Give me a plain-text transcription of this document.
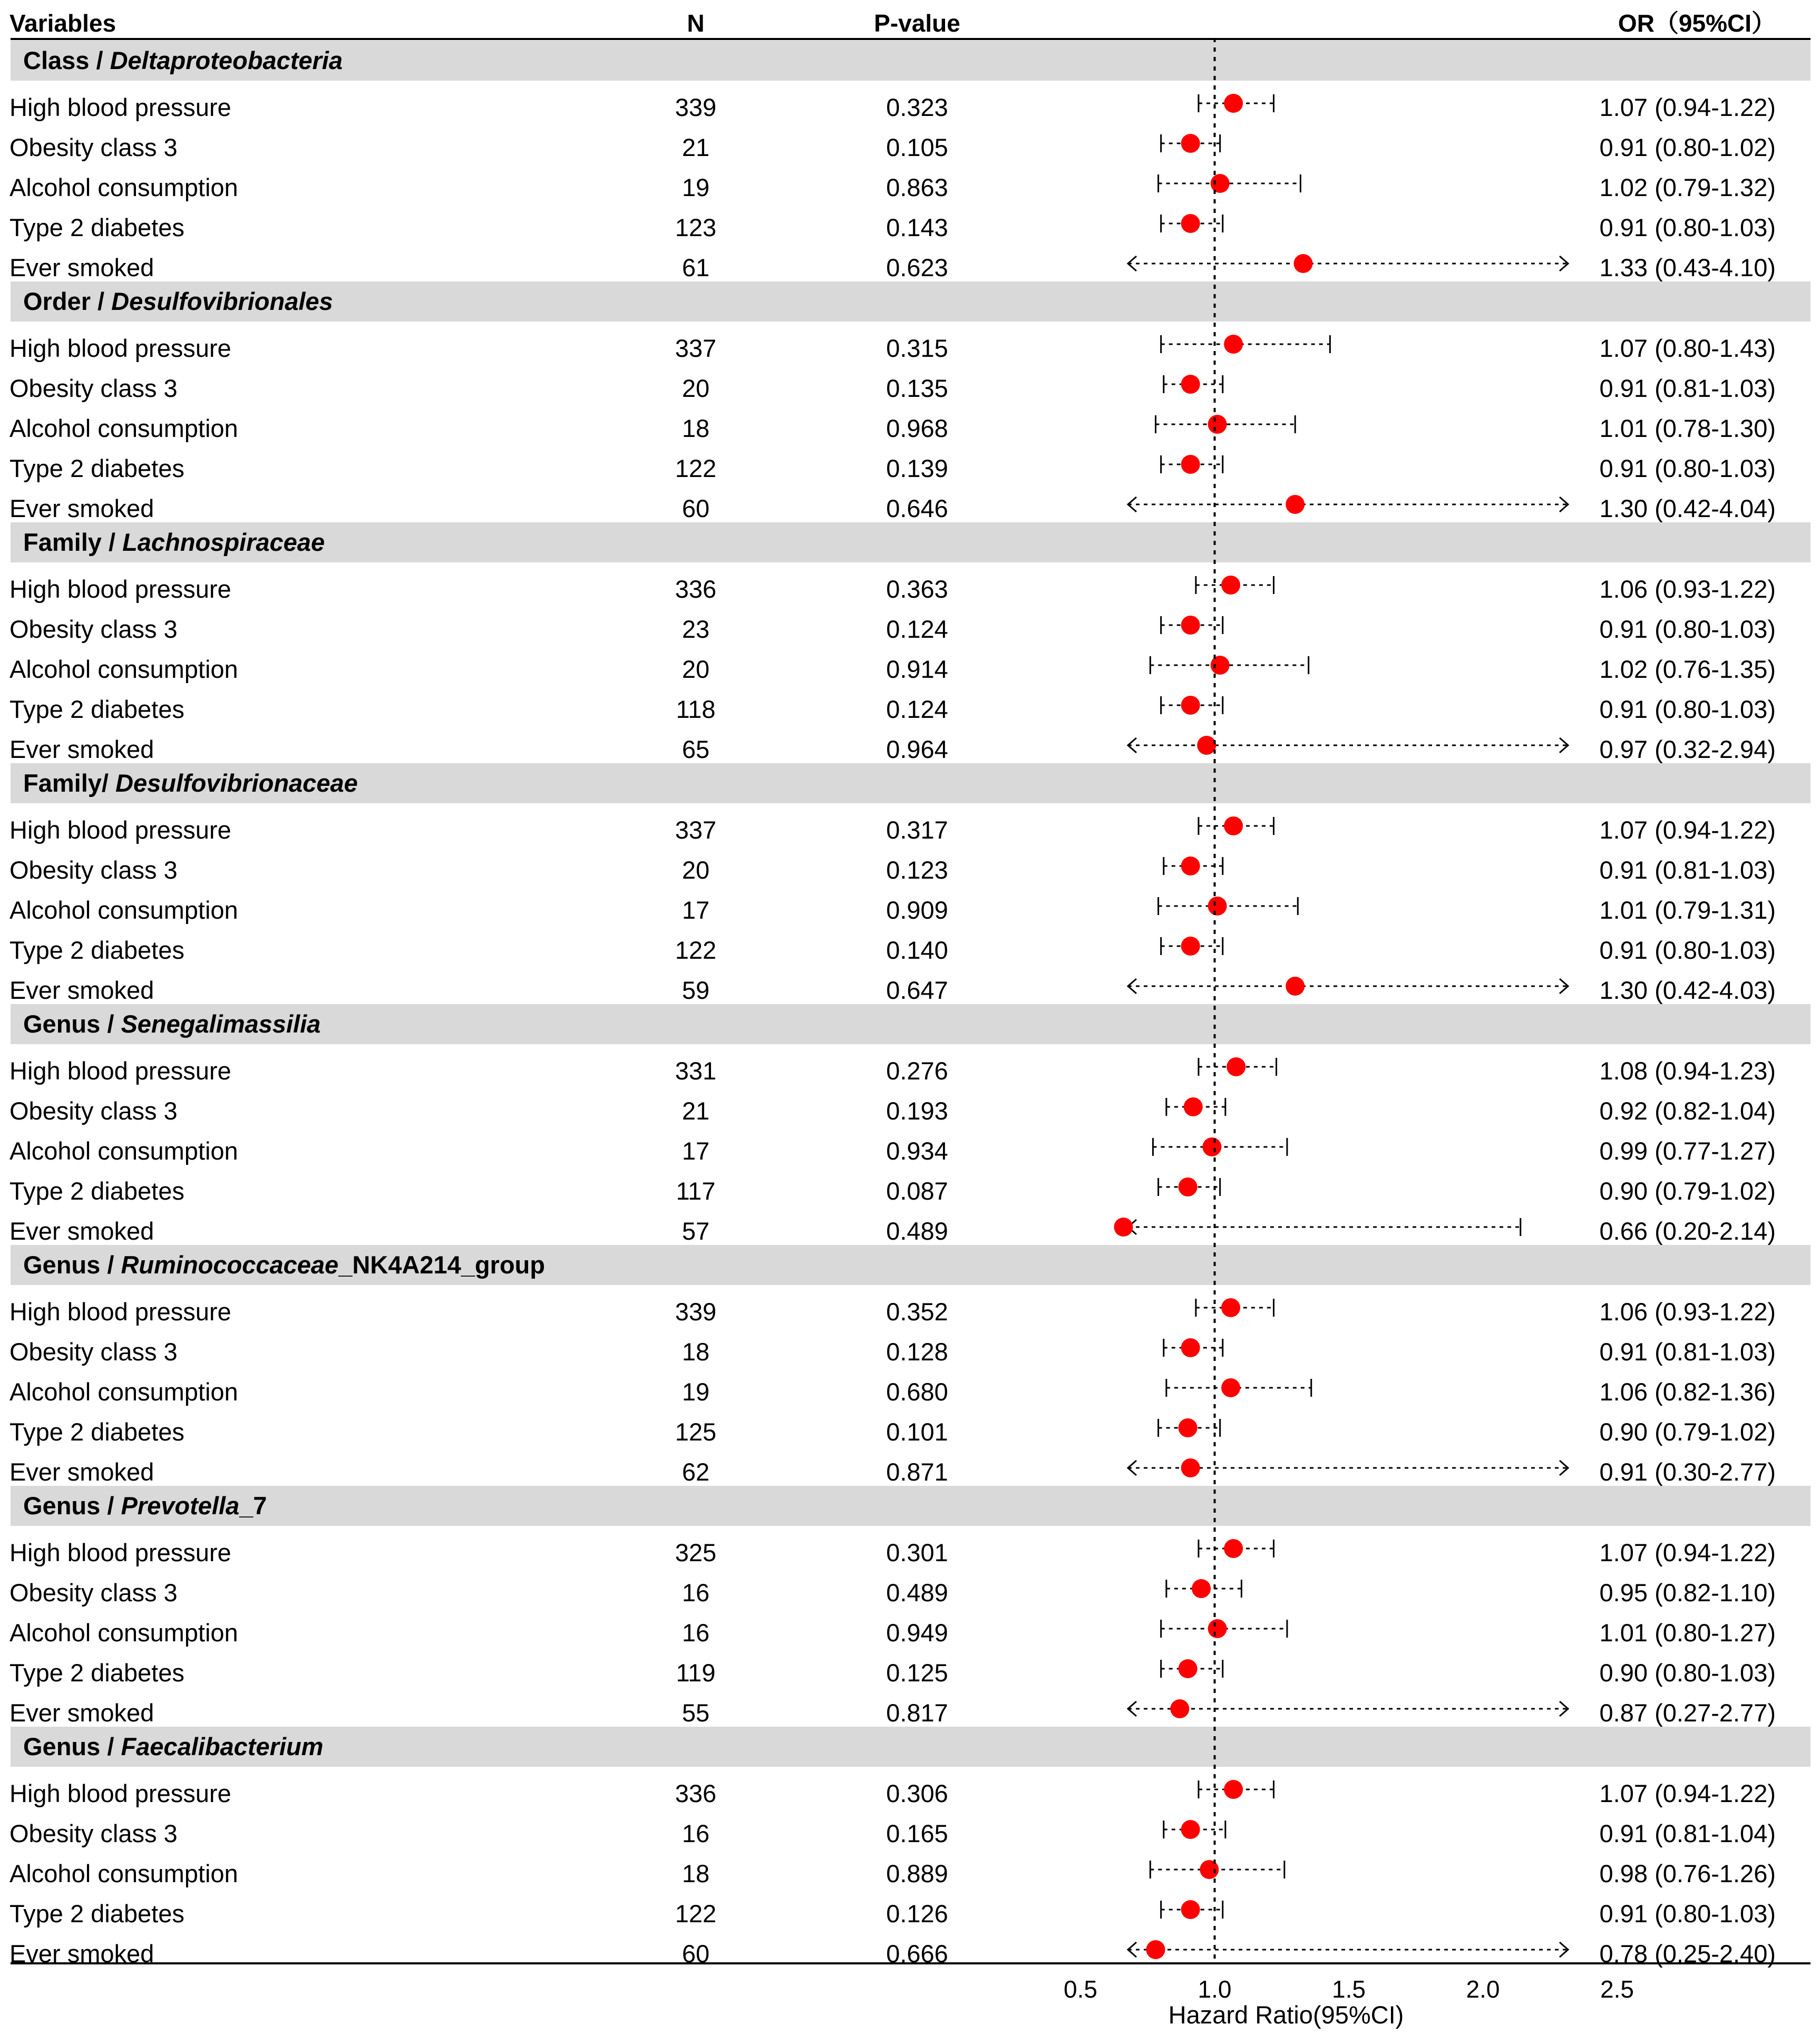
Variables	N	P-value	OR（95%CI）
Class / Deltaproteobacteria
High blood pressure	339	0.323	1.07 (0.94-1.22)
Obesity class 3	21	0.105	0.91 (0.80-1.02)
Alcohol consumption	19	0.863	1.02 (0.79-1.32)
Type 2 diabetes	123	0.143	0.91 (0.80-1.03)
Ever smoked	61	0.623	1.33 (0.43-4.10)
Order / Desulfovibrionales
High blood pressure	337	0.315	1.07 (0.80-1.43)
Obesity class 3	20	0.135	0.91 (0.81-1.03)
Alcohol consumption	18	0.968	1.01 (0.78-1.30)
Type 2 diabetes	122	0.139	0.91 (0.80-1.03)
Ever smoked	60	0.646	1.30 (0.42-4.04)
Family / Lachnospiraceae
High blood pressure	336	0.363	1.06 (0.93-1.22)
Obesity class 3	23	0.124	0.91 (0.80-1.03)
Alcohol consumption	20	0.914	1.02 (0.76-1.35)
Type 2 diabetes	118	0.124	0.91 (0.80-1.03)
Ever smoked	65	0.964	0.97 (0.32-2.94)
Family/ Desulfovibrionaceae
High blood pressure	337	0.317	1.07 (0.94-1.22)
Obesity class 3	20	0.123	0.91 (0.81-1.03)
Alcohol consumption	17	0.909	1.01 (0.79-1.31)
Type 2 diabetes	122	0.140	0.91 (0.80-1.03)
Ever smoked	59	0.647	1.30 (0.42-4.03)
Genus / Senegalimassilia
High blood pressure	331	0.276	1.08 (0.94-1.23)
Obesity class 3	21	0.193	0.92 (0.82-1.04)
Alcohol consumption	17	0.934	0.99 (0.77-1.27)
Type 2 diabetes	117	0.087	0.90 (0.79-1.02)
Ever smoked	57	0.489	0.66 (0.20-2.14)
Genus / Ruminococcaceae_NK4A214_group
High blood pressure	339	0.352	1.06 (0.93-1.22)
Obesity class 3	18	0.128	0.91 (0.81-1.03)
Alcohol consumption	19	0.680	1.06 (0.82-1.36)
Type 2 diabetes	125	0.101	0.90 (0.79-1.02)
Ever smoked	62	0.871	0.91 (0.30-2.77)
Genus / Prevotella_7
High blood pressure	325	0.301	1.07 (0.94-1.22)
Obesity class 3	16	0.489	0.95 (0.82-1.10)
Alcohol consumption	16	0.949	1.01 (0.80-1.27)
Type 2 diabetes	119	0.125	0.90 (0.80-1.03)
Ever smoked	55	0.817	0.87 (0.27-2.77)
Genus / Faecalibacterium
High blood pressure	336	0.306	1.07 (0.94-1.22)
Obesity class 3	16	0.165	0.91 (0.81-1.04)
Alcohol consumption	18	0.889	0.98 (0.76-1.26)
Type 2 diabetes	122	0.126	0.91 (0.80-1.03)
Ever smoked	60	0.666	0.78 (0.25-2.40)
0.5	1.0	1.5	2.0	2.5
Hazard Ratio(95%CI)
